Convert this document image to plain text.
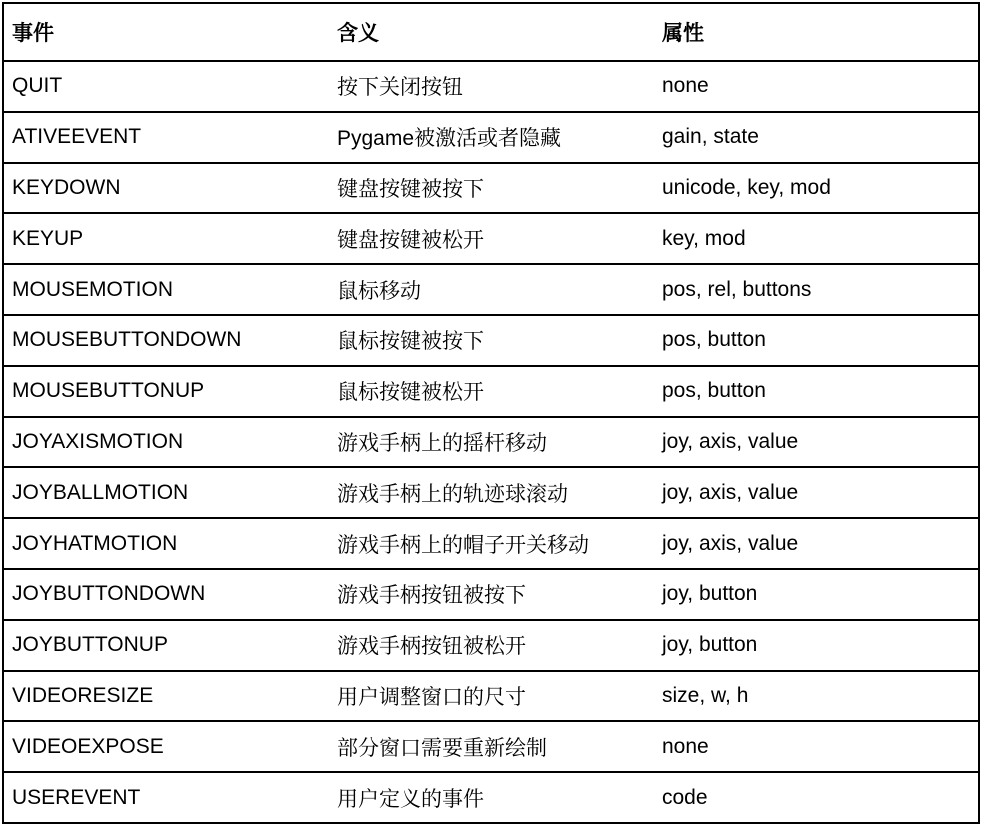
事件	含义	属性
QUIT	按下关闭按钮	none
ATIVEEVENT	Pygame被激活或者隐藏	gain, state
KEYDOWN	键盘按键被按下	unicode, key, mod
KEYUP	键盘按键被松开	key, mod
MOUSEMOTION	鼠标移动	pos, rel, buttons
MOUSEBUTTONDOWN	鼠标按键被按下	pos, button
MOUSEBUTTONUP	鼠标按键被松开	pos, button
JOYAXISMOTION	游戏手柄上的摇杆移动	joy, axis, value
JOYBALLMOTION	游戏手柄上的轨迹球滚动	joy, axis, value
JOYHATMOTION	游戏手柄上的帽子开关移动	joy, axis, value
JOYBUTTONDOWN	游戏手柄按钮被按下	joy, button
JOYBUTTONUP	游戏手柄按钮被松开	joy, button
VIDEORESIZE	用户调整窗口的尺寸	size, w, h
VIDEOEXPOSE	部分窗口需要重新绘制	none
USEREVENT	用户定义的事件	code
